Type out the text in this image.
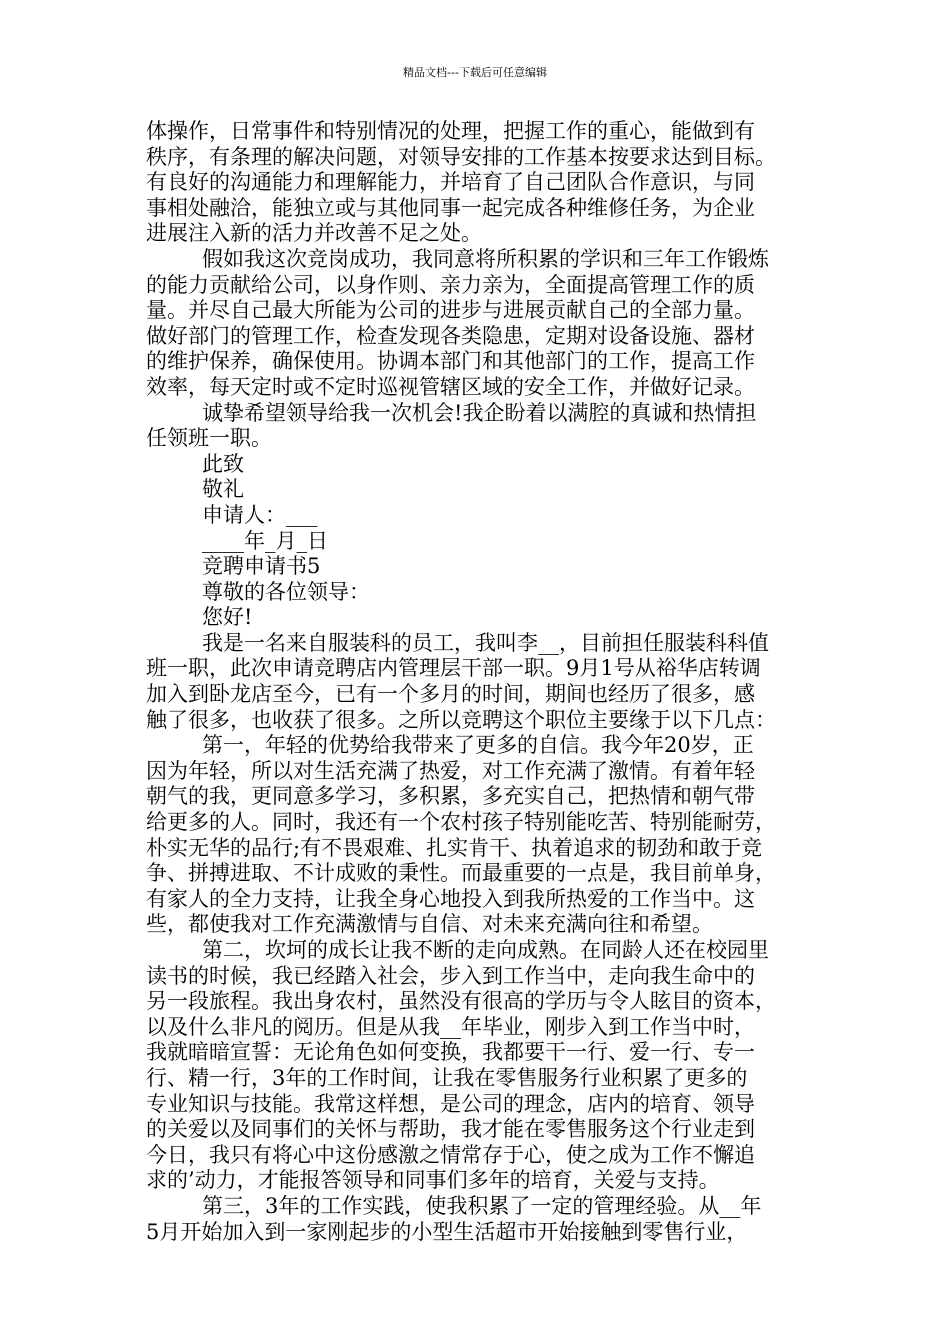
精品文档---下载后可任意编辑
体操作，日常事件和特别情况的处理，把握工作的重心，能做到有
秩序，有条理的解决问题，对领导安排的工作基本按要求达到目标。
有良好的沟通能力和理解能力，并培育了自己团队合作意识，与同
事相处融洽，能独立或与其他同事一起完成各种维修任务，为企业
进展注入新的活力并改善不足之处。
假如我这次竞岗成功，我同意将所积累的学识和三年工作锻炼
的能力贡献给公司，以身作则、亲力亲为，全面提高管理工作的质
量。并尽自己最大所能为公司的进步与进展贡献自己的全部力量。
做好部门的管理工作，检查发现各类隐患，定期对设备设施、器材
的维护保养，确保使用。协调本部门和其他部门的工作，提高工作
效率，每天定时或不定时巡视管辖区域的安全工作，并做好记录。
诚挚希望领导给我一次机会!我企盼着以满腔的真诚和热情担
任领班一职。
此致
敬礼
申请人：___
____年_月_日
竞聘申请书5
尊敬的各位领导：
您好!
我是一名来自服装科的员工，我叫李__，目前担任服装科科值
班一职，此次申请竞聘店内管理层干部一职。9月1号从裕华店转调
加入到卧龙店至今，已有一个多月的时间，期间也经历了很多，感
触了很多，也收获了很多。之所以竞聘这个职位主要缘于以下几点：
第一，年轻的优势给我带来了更多的自信。我今年20岁，正
因为年轻，所以对生活充满了热爱，对工作充满了激情。有着年轻
朝气的我，更同意多学习，多积累，多充实自己，把热情和朝气带
给更多的人。同时，我还有一个农村孩子特别能吃苦、特别能耐劳，
朴实无华的品行;有不畏艰难、扎实肯干、执着追求的韧劲和敢于竞
争、拼搏进取、不计成败的秉性。而最重要的一点是，我目前单身，
有家人的全力支持，让我全身心地投入到我所热爱的工作当中。这
些，都使我对工作充满激情与自信、对未来充满向往和希望。
第二，坎坷的成长让我不断的走向成熟。在同龄人还在校园里
读书的时候，我已经踏入社会，步入到工作当中，走向我生命中的
另一段旅程。我出身农村，虽然没有很高的学历与令人眩目的资本，
以及什么非凡的阅历。但是从我__年毕业，刚步入到工作当中时，
我就暗暗宣誓：无论角色如何变换，我都要干一行、爱一行、专一
行、精一行，3年的工作时间，让我在零售服务行业积累了更多的
专业知识与技能。我常这样想，是公司的理念，店内的培育、领导
的关爱以及同事们的关怀与帮助，我才能在零售服务这个行业走到
今日，我只有将心中这份感激之情常存于心，使之成为工作不懈追
求的’动力，才能报答领导和同事们多年的培育，关爱与支持。
第三，3年的工作实践，使我积累了一定的管理经验。从__年
5月开始加入到一家刚起步的小型生活超市开始接触到零售行业，
